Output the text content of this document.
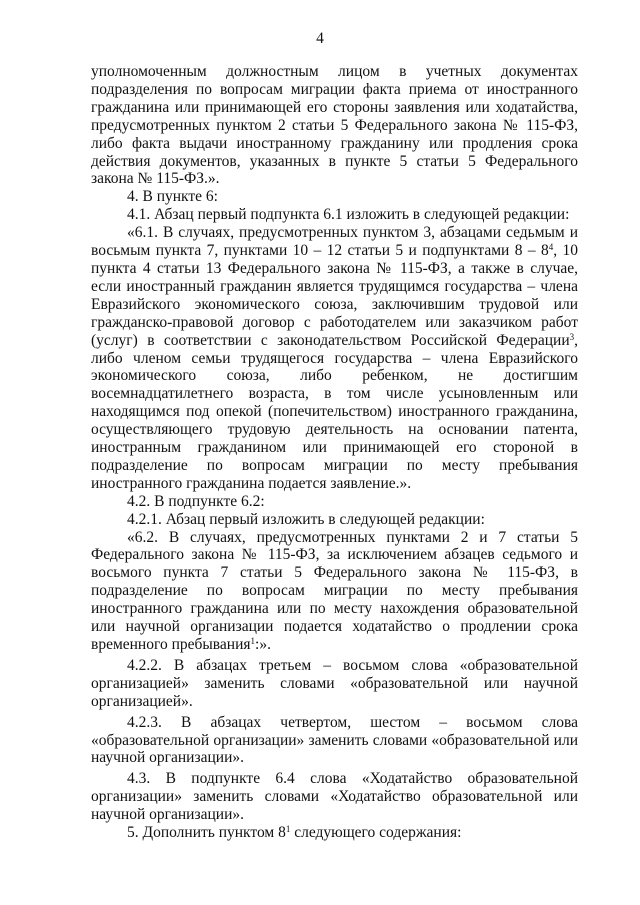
4

уполномоченным должностным лицом в учетных документах подразделения по вопросам миграции факта приема от иностранного гражданина или принимающей его стороны заявления или ходатайства, предусмотренных пунктом 2 статьи 5 Федерального закона № 115-ФЗ, либо факта выдачи иностранному гражданину или продления срока действия документов, указанных в пункте 5 статьи 5 Федерального закона № 115-ФЗ.».

4. В пункте 6:

4.1. Абзац первый подпункта 6.1 изложить в следующей редакции:

«6.1. В случаях, предусмотренных пунктом 3, абзацами седьмым и восьмым пункта 7, пунктами 10 – 12 статьи 5 и подпунктами $8 - 8^4$, 10 пункта 4 статьи 13 Федерального закона № 115-ФЗ, а также в случае, если иностранный гражданин является трудящимся государства – члена Евразийского экономического союза, заключившим трудовой или гражданско-правовой договор с работодателем или заказчиком работ (услуг) в соответствии с законодательством Российской Федерации$^3$, либо членом семьи трудящегося государства – члена Евразийского экономического союза, либо ребенком, не достигшим восемнадцатилетнего возраста, в том числе усыновленным или находящимся под опекой (попечительством) иностранного гражданина, осуществляющего трудовую деятельность на основании патента, иностранным гражданином или принимающей его стороной в подразделение по вопросам миграции по месту пребывания иностранного гражданина подается заявление.».

4.2. В подпункте 6.2:

4.2.1. Абзац первый изложить в следующей редакции:

«6.2. В случаях, предусмотренных пунктами 2 и 7 статьи 5 Федерального закона № 115-ФЗ, за исключением абзацев седьмого и восьмого пункта 7 статьи 5 Федерального закона № 115-ФЗ, в подразделение по вопросам миграции по месту пребывания иностранного гражданина или по месту нахождения образовательной или научной организации подается ходатайство о продлении срока временного пребывания$^1$:».

4.2.2. В абзацах третьем – восьмом слова «образовательной организацией» заменить словами «образовательной или научной организацией».

4.2.3. В абзацах четвертом, шестом – восьмом слова «образовательной организации» заменить словами «образовательной или научной организации».

4.3. В подпункте 6.4 слова «Ходатайство образовательной организации» заменить словами «Ходатайство образовательной или научной организации».

5. Дополнить пунктом $8^1$ следующего содержания:
